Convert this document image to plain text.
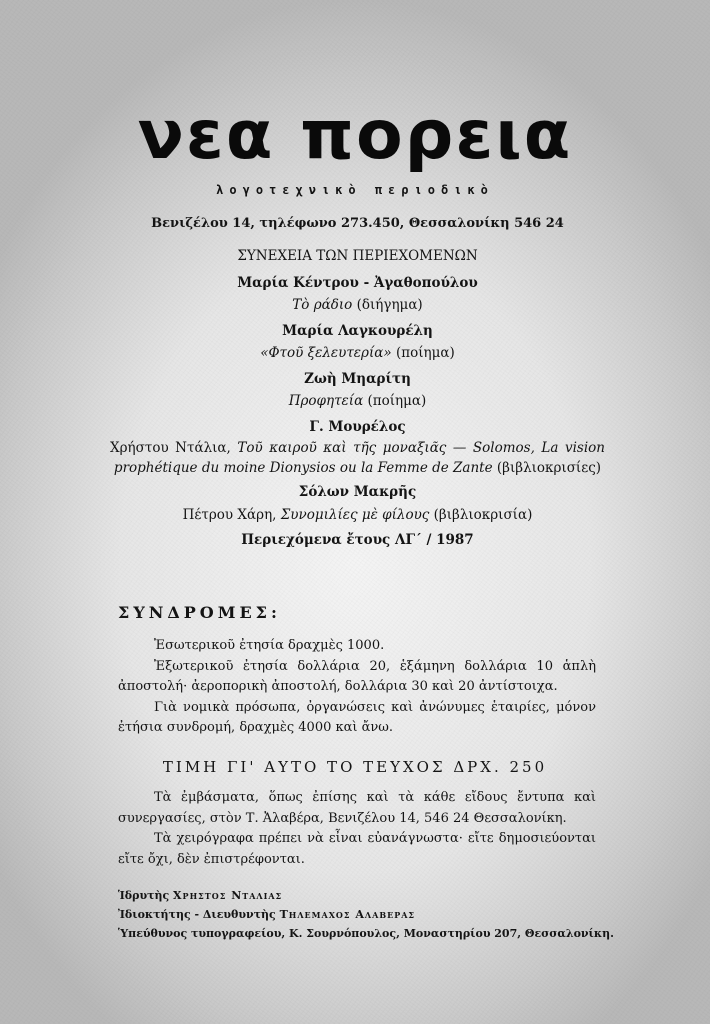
νεα πορεια
λογοτεχνικὸ περιοδικὸ
Βενιζέλου 14, τηλέφωνο 273.450, Θεσσαλονίκη 546 24
ΣΥΝΕΧΕΙΑ ΤΩΝ ΠΕΡΙΕΧΟΜΕΝΩΝ
Μαρία Κέντρου - Ἀγαθοπούλου
Τὸ ράδιο (διήγημα)
Μαρία Λαγκουρέλη
«Φτοῦ ξελευτερία» (ποίημα)
Ζωὴ Μηαρίτη
Προφητεία (ποίημα)
Γ. Μουρέλος
Χρήστου Ντάλια, Τοῦ καιροῦ καὶ τῆς μοναξιᾶς — Solomos, La vision prophétique du moine Dionysios ou la Femme de Zante (βιβλιοκρισίες)
Σόλων Μακρῆς
Πέτρου Χάρη, Συνομιλίες μὲ φίλους (βιβλιοκρισία)
Περιεχόμενα ἔτους ΛΓ΄ / 1987
ΣΥΝΔΡΟΜΕΣ:

Ἐσωτερικοῦ ἐτησία δραχμὲς 1000.

Ἐξωτερικοῦ ἐτησία δολλάρια 20, ἑξάμηνη δολλάρια 10 ἁπλὴ ἀποστολή· ἀεροπορικὴ ἀποστολή, δολλάρια 30 καὶ 20 ἀντίστοιχα.

Γιὰ νομικὰ πρόσωπα, ὀργανώσεις καὶ ἀνώνυμες ἑταιρίες, μόνον ἐτήσια συνδρομή, δραχμὲς 4000 καὶ ἄνω.

ΤΙΜΗ ΓΙ' ΑΥΤΟ ΤΟ ΤΕΥΧΟΣ ΔΡΧ. 250

Τὰ ἐμβάσματα, ὅπως ἐπίσης καὶ τὰ κάθε εἴδους ἔντυπα καὶ συνεργασίες, στὸν Τ. Ἀλαβέρα, Βενιζέλου 14, 546 24 Θεσσαλονίκη.

Τὰ χειρόγραφα πρέπει νὰ εἶναι εὐανάγνωστα· εἴτε δημοσιεύονται εἴτε ὄχι, δὲν ἐπιστρέφονται.

Ἱδρυτὴς Χρηστος Ντaλιας
Ἰδιοκτήτης - Διευθυντὴς Τηλεμαχος Αλαβερας
Ὑπεύθυνος τυπογραφείου, Κ. Σουρνόπουλος, Μοναστηρίου 207, Θεσσαλονίκη.
